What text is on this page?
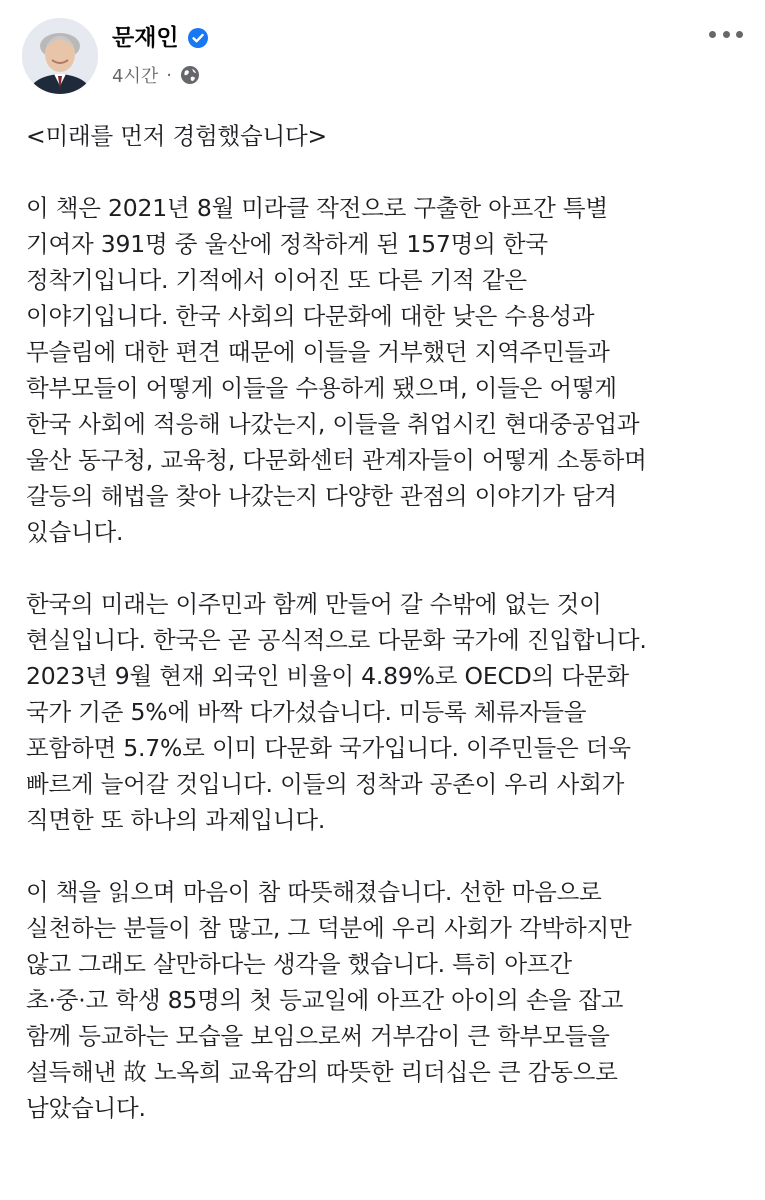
문재인
4시간 ·
<미래를 먼저 경험했습니다>
이 책은 2021년 8월 미라클 작전으로 구출한 아프간 특별
기여자 391명 중 울산에 정착하게 된 157명의 한국
정착기입니다. 기적에서 이어진 또 다른 기적 같은
이야기입니다. 한국 사회의 다문화에 대한 낮은 수용성과
무슬림에 대한 편견 때문에 이들을 거부했던 지역주민들과
학부모들이 어떻게 이들을 수용하게 됐으며, 이들은 어떻게
한국 사회에 적응해 나갔는지, 이들을 취업시킨 현대중공업과
울산 동구청, 교육청, 다문화센터 관계자들이 어떻게 소통하며
갈등의 해법을 찾아 나갔는지 다양한 관점의 이야기가 담겨
있습니다.
한국의 미래는 이주민과 함께 만들어 갈 수밖에 없는 것이
현실입니다. 한국은 곧 공식적으로 다문화 국가에 진입합니다.
2023년 9월 현재 외국인 비율이 4.89%로 OECD의 다문화
국가 기준 5%에 바짝 다가섰습니다. 미등록 체류자들을
포함하면 5.7%로 이미 다문화 국가입니다. 이주민들은 더욱
빠르게 늘어갈 것입니다. 이들의 정착과 공존이 우리 사회가
직면한 또 하나의 과제입니다.
이 책을 읽으며 마음이 참 따뜻해졌습니다. 선한 마음으로
실천하는 분들이 참 많고, 그 덕분에 우리 사회가 각박하지만
않고 그래도 살만하다는 생각을 했습니다. 특히 아프간
초·중·고 학생 85명의 첫 등교일에 아프간 아이의 손을 잡고
함께 등교하는 모습을 보임으로써 거부감이 큰 학부모들을
설득해낸 故 노옥희 교육감의 따뜻한 리더십은 큰 감동으로
남았습니다.
